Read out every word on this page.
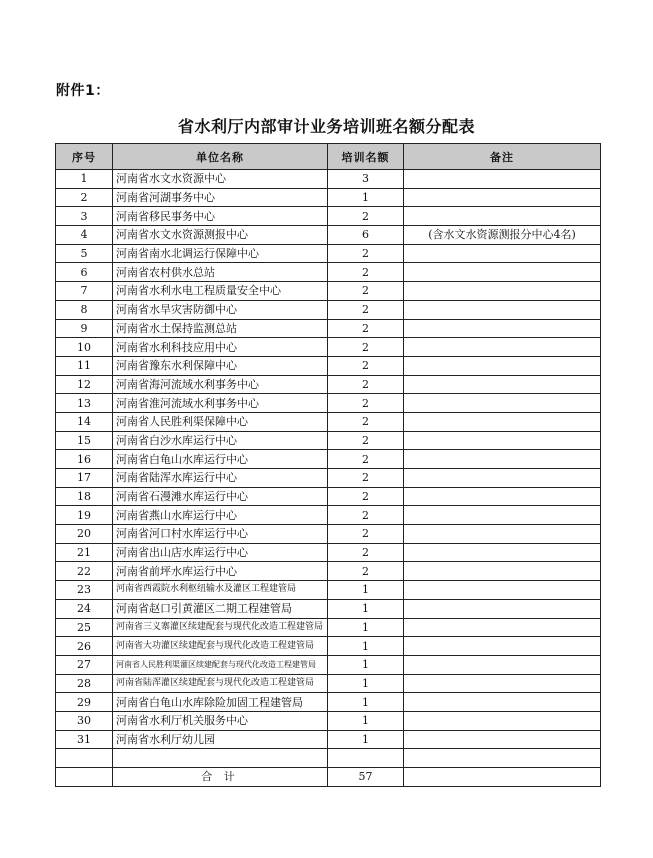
附件1：
省水利厅内部审计业务培训班名额分配表
序号	单位名称	培训名额	备注
1	河南省水文水资源中心	3	
2	河南省河湖事务中心	1	
3	河南省移民事务中心	2	
4	河南省水文水资源测报中心	6	(含水文水资源测报分中心4名)
5	河南省南水北调运行保障中心	2	
6	河南省农村供水总站	2	
7	河南省水利水电工程质量安全中心	2	
8	河南省水旱灾害防御中心	2	
9	河南省水土保持监测总站	2	
10	河南省水利科技应用中心	2	
11	河南省豫东水利保障中心	2	
12	河南省海河流域水利事务中心	2	
13	河南省淮河流域水利事务中心	2	
14	河南省人民胜利渠保障中心	2	
15	河南省白沙水库运行中心	2	
16	河南省白龟山水库运行中心	2	
17	河南省陆浑水库运行中心	2	
18	河南省石漫滩水库运行中心	2	
19	河南省燕山水库运行中心	2	
20	河南省河口村水库运行中心	2	
21	河南省出山店水库运行中心	2	
22	河南省前坪水库运行中心	2	
23	河南省西霞院水利枢纽输水及灌区工程建管局	1	
24	河南省赵口引黄灌区二期工程建管局	1	
25	河南省三义寨灌区续建配套与现代化改造工程建管局	1	
26	河南省大功灌区续建配套与现代化改造工程建管局	1	
27	河南省人民胜利渠灌区续建配套与现代化改造工程建管局	1	
28	河南省陆浑灌区续建配套与现代化改造工程建管局	1	
29	河南省白龟山水库除险加固工程建管局	1	
30	河南省水利厅机关服务中心	1	
31	河南省水利厅幼儿园	1	

	合 计	57	
